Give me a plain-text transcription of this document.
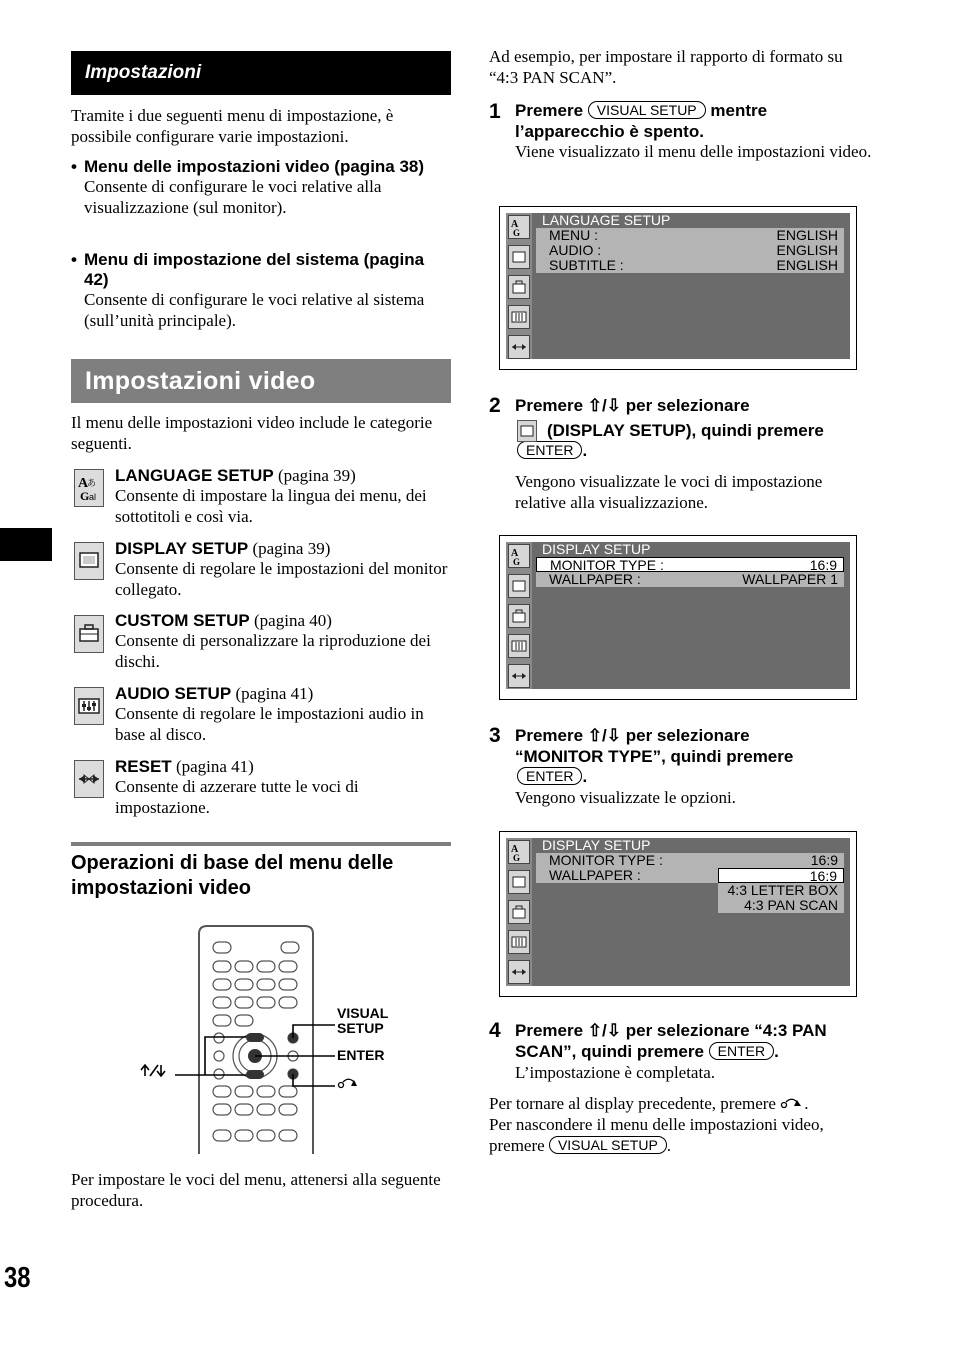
38
Impostazioni
Tramite i due seguenti menu di impostazione, è possibile configurare varie impostazioni.
• Menu delle impostazioni video (pagina 38)
Consente di configurare le voci relative alla visualizzazione (sul monitor).
• Menu di impostazione del sistema (pagina 42)
Consente di configurare le voci relative al sistema (sull’unità principale).
Impostazioni video
Il menu delle impostazioni video include le categorie seguenti.
A
あ
G al
LANGUAGE SETUP (pagina 39)
Consente di impostare la lingua dei menu, dei sottotitoli e così via.
DISPLAY SETUP (pagina 39)
Consente di regolare le impostazioni del monitor collegato.
CUSTOM SETUP (pagina 40)
Consente di personalizzare la riproduzione dei dischi.
AUDIO SETUP (pagina 41)
Consente di regolare le impostazioni audio in base al disco.
RESET (pagina 41)
Consente di azzerare tutte le voci di impostazione.
Operazioni di base del menu delle impostazioni video
VISUAL SETUP
ENTER
Per impostare le voci del menu, attenersi alla seguente procedura.
Ad esempio, per impostare il rapporto di formato su “4:3 PAN SCAN”.
1 Premere VISUAL SETUP mentre l’apparecchio è spento.
Viene visualizzato il menu delle impostazioni video.
A
G
LANGUAGE SETUP
MENU :	ENGLISH
AUDIO :	ENGLISH
SUBTITLE :	ENGLISH
2 Premere ⇧/⇩ per selezionare
(DISPLAY SETUP), quindi premere
ENTER .
Vengono visualizzate le voci di impostazione relative alla visualizzazione.
A
G
DISPLAY SETUP
MONITOR TYPE :	16:9
WALLPAPER :	WALLPAPER 1
3 Premere ⇧/⇩ per selezionare
“MONITOR TYPE”, quindi premere
ENTER .
Vengono visualizzate le opzioni.
A
G
DISPLAY SETUP
MONITOR TYPE :	16:9
WALLPAPER :	16:9
4:3 LETTER BOX
4:3 PAN SCAN
4 Premere ⇧/⇩ per selezionare “4:3 PAN
SCAN”, quindi premere ENTER .
L’impostazione è completata.
Per tornare al display precedente, premere .
Per nascondere il menu delle impostazioni video, premere VISUAL SETUP .
